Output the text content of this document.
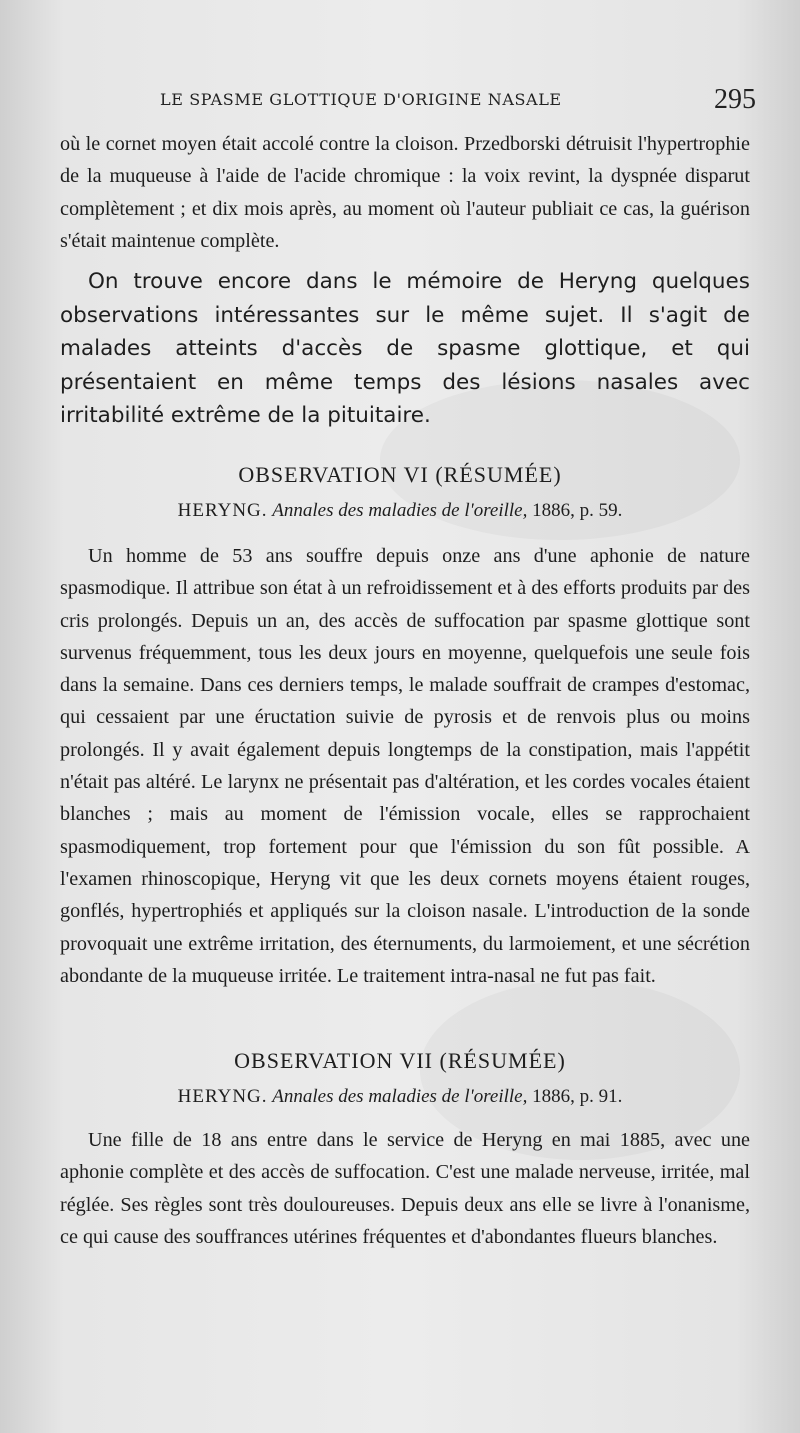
LE SPASME GLOTTIQUE D'ORIGINE NASALE	295

où le cornet moyen était accolé contre la cloison. Przedborski détruisit l'hypertrophie de la muqueuse à l'aide de l'acide chromique : la voix revint, la dyspnée disparut complètement ; et dix mois après, au moment où l'auteur publiait ce cas, la guérison s'était maintenue complète.

On trouve encore dans le mémoire de Heryng quelques observations intéressantes sur le même sujet. Il s'agit de malades atteints d'accès de spasme glottique, et qui présentaient en même temps des lésions nasales avec irritabilité extrême de la pituitaire.

OBSERVATION VI (RÉSUMÉE)
HERYNG. Annales des maladies de l'oreille, 1886, p. 59.

Un homme de 53 ans souffre depuis onze ans d'une aphonie de nature spasmodique. Il attribue son état à un refroidissement et à des efforts produits par des cris prolongés. Depuis un an, des accès de suffocation par spasme glottique sont survenus fréquemment, tous les deux jours en moyenne, quelquefois une seule fois dans la semaine. Dans ces derniers temps, le malade souffrait de crampes d'estomac, qui cessaient par une éructation suivie de pyrosis et de renvois plus ou moins prolongés. Il y avait également depuis longtemps de la constipation, mais l'appétit n'était pas altéré. Le larynx ne présentait pas d'altération, et les cordes vocales étaient blanches ; mais au moment de l'émission vocale, elles se rapprochaient spasmodiquement, trop fortement pour que l'émission du son fût possible. A l'examen rhinoscopique, Heryng vit que les deux cornets moyens étaient rouges, gonflés, hypertrophiés et appliqués sur la cloison nasale. L'introduction de la sonde provoquait une extrême irritation, des éternuments, du larmoiement, et une sécrétion abondante de la muqueuse irritée. Le traitement intra-nasal ne fut pas fait.

OBSERVATION VII (RÉSUMÉE)
HERYNG. Annales des maladies de l'oreille, 1886, p. 91.

Une fille de 18 ans entre dans le service de Heryng en mai 1885, avec une aphonie complète et des accès de suffocation. C'est une malade nerveuse, irritée, mal réglée. Ses règles sont très douloureuses. Depuis deux ans elle se livre à l'onanisme, ce qui cause des souffrances utérines fréquentes et d'abondantes flueurs blanches.
